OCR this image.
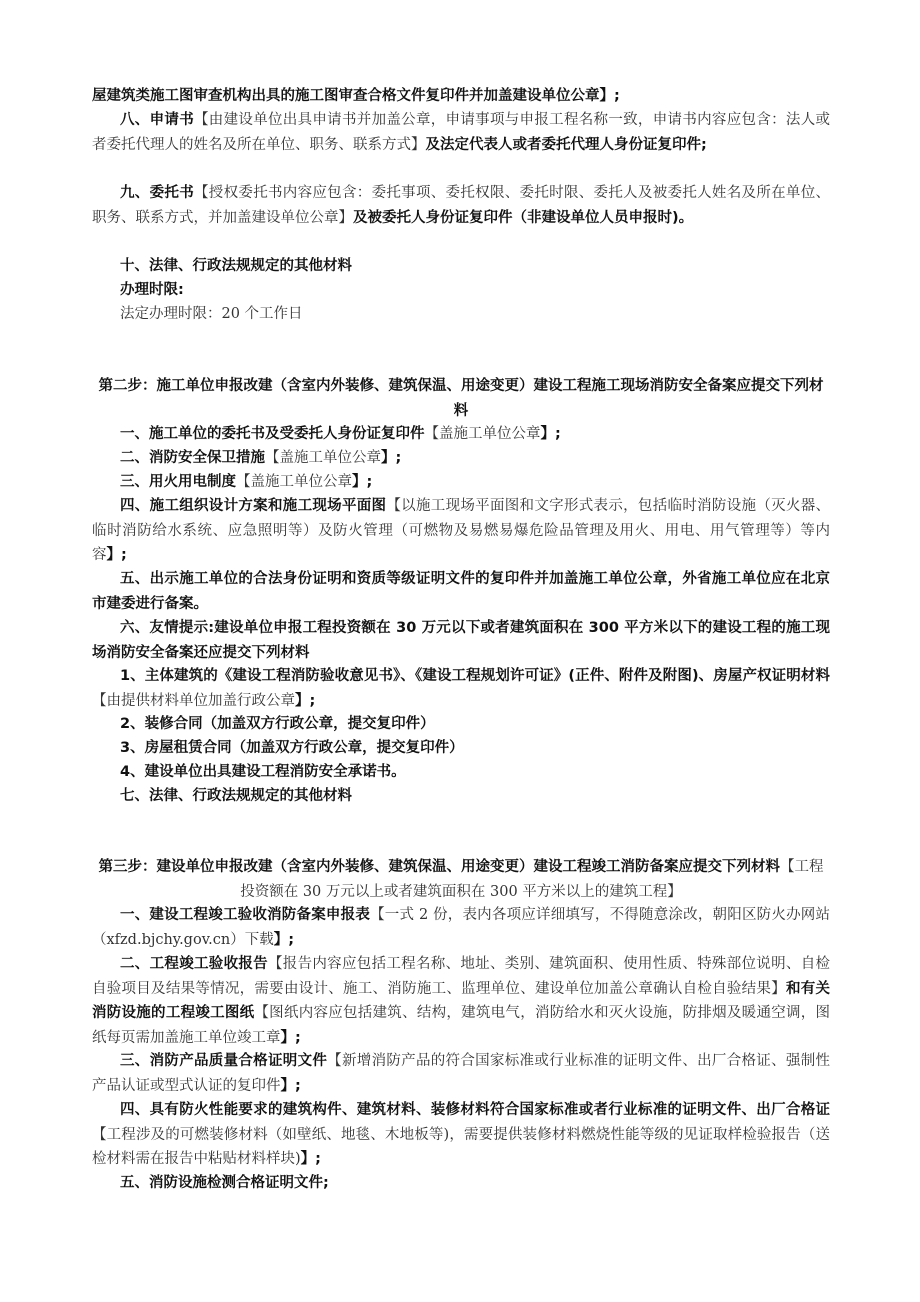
屋建筑类施工图审查机构出具的施工图审查合格文件复印件并加盖建设单位公章】;

八、申请书【由建设单位出具申请书并加盖公章，申请事项与申报工程名称一致，申请书内容应包含：法人或者委托代理人的姓名及所在单位、职务、联系方式】及法定代表人或者委托代理人身份证复印件;

九、委托书【授权委托书内容应包含：委托事项、委托权限、委托时限、委托人及被委托人姓名及所在单位、职务、联系方式，并加盖建设单位公章】及被委托人身份证复印件（非建设单位人员申报时)。

十、法律、行政法规规定的其他材料

办理时限:

法定办理时限：20 个工作日

第二步：施工单位申报改建（含室内外装修、建筑保温、用途变更）建设工程施工现场消防安全备案应提交下列材料

一、施工单位的委托书及受委托人身份证复印件【盖施工单位公章】;

二、消防安全保卫措施【盖施工单位公章】;

三、用火用电制度【盖施工单位公章】;

四、施工组织设计方案和施工现场平面图【以施工现场平面图和文字形式表示，包括临时消防设施（灭火器、临时消防给水系统、应急照明等）及防火管理（可燃物及易燃易爆危险品管理及用火、用电、用气管理等）等内容】;

五、出示施工单位的合法身份证明和资质等级证明文件的复印件并加盖施工单位公章，外省施工单位应在北京市建委进行备案。

六、友情提示:建设单位申报工程投资额在 30 万元以下或者建筑面积在 300 平方米以下的建设工程的施工现场消防安全备案还应提交下列材料

1、主体建筑的《建设工程消防验收意见书》、《建设工程规划许可证》(正件、附件及附图)、房屋产权证明材料【由提供材料单位加盖行政公章】;

2、装修合同（加盖双方行政公章，提交复印件）

3、房屋租赁合同（加盖双方行政公章，提交复印件）

4、建设单位出具建设工程消防安全承诺书。

七、法律、行政法规规定的其他材料

第三步：建设单位申报改建（含室内外装修、建筑保温、用途变更）建设工程竣工消防备案应提交下列材料【工程投资额在 30 万元以上或者建筑面积在 300 平方米以上的建筑工程】

一、建设工程竣工验收消防备案申报表【一式 2 份，表内各项应详细填写，不得随意涂改，朝阳区防火办网站（xfzd.bjchy.gov.cn）下载】;

二、工程竣工验收报告【报告内容应包括工程名称、地址、类别、建筑面积、使用性质、特殊部位说明、自检自验项目及结果等情况，需要由设计、施工、消防施工、监理单位、建设单位加盖公章确认自检自验结果】和有关消防设施的工程竣工图纸【图纸内容应包括建筑、结构，建筑电气，消防给水和灭火设施，防排烟及暖通空调，图纸每页需加盖施工单位竣工章】;

三、消防产品质量合格证明文件【新增消防产品的符合国家标准或行业标准的证明文件、出厂合格证、强制性产品认证或型式认证的复印件】;

四、具有防火性能要求的建筑构件、建筑材料、装修材料符合国家标准或者行业标准的证明文件、出厂合格证【工程涉及的可燃装修材料（如壁纸、地毯、木地板等)，需要提供装修材料燃烧性能等级的见证取样检验报告（送检材料需在报告中粘贴材料样块)】;

五、消防设施检测合格证明文件;
